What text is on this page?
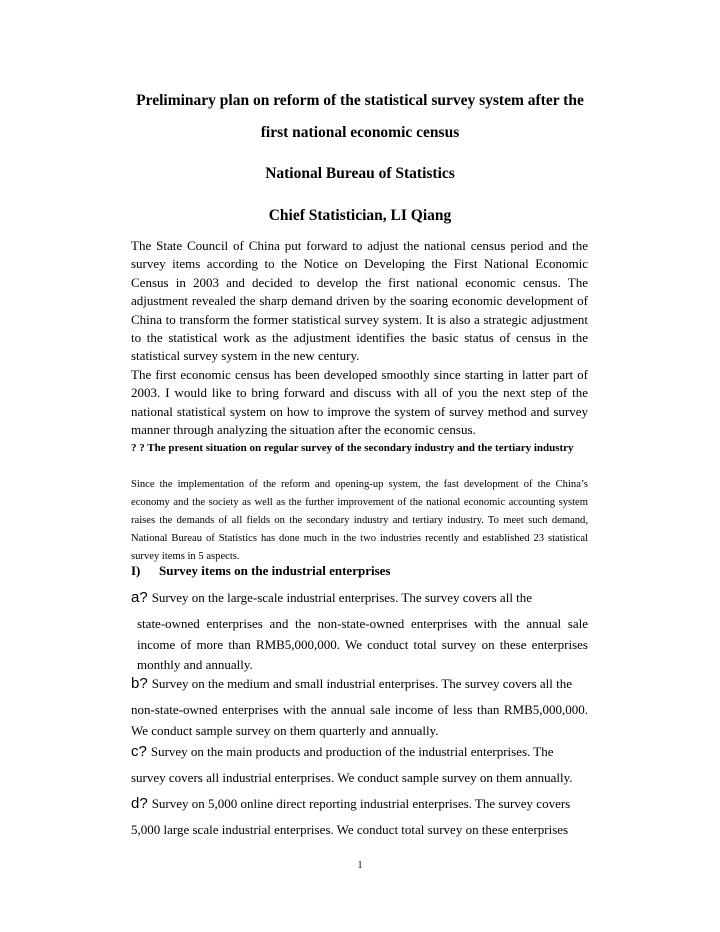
Preliminary plan on reform of the statistical survey system after the
first national economic census
National Bureau of Statistics
Chief Statistician, LI Qiang
The State Council of China put forward to adjust the national census period and the survey items according to the Notice on Developing the First National Economic Census in 2003 and decided to develop the first national economic census. The adjustment revealed the sharp demand driven by the soaring economic development of China to transform the former statistical survey system. It is also a strategic adjustment to the statistical work as the adjustment identifies the basic status of census in the statistical survey system in the new century.
The first economic census has been developed smoothly since starting in latter part of 2003. I would like to bring forward and discuss with all of you the next step of the national statistical system on how to improve the system of survey method and survey manner through analyzing the situation after the economic census.
? ? The present situation on regular survey of the secondary industry and the tertiary industry
Since the implementation of the reform and opening-up system, the fast development of the China’s economy and the society as well as the further improvement of the national economic accounting system raises the demands of all fields on the secondary industry and tertiary industry. To meet such demand, National Bureau of Statistics has done much in the two industries recently and established 23 statistical survey items in 5 aspects.
I) Survey items on the industrial enterprises
a? Survey on the large-scale industrial enterprises. The survey covers all the
state-owned enterprises and the non-state-owned enterprises with the annual sale income of more than RMB5,000,000. We conduct total survey on these enterprises monthly and annually.
b? Survey on the medium and small industrial enterprises. The survey covers all the
non-state-owned enterprises with the annual sale income of less than RMB5,000,000. We conduct sample survey on them quarterly and annually.
c? Survey on the main products and production of the industrial enterprises. The
survey covers all industrial enterprises. We conduct sample survey on them annually.
d? Survey on 5,000 online direct reporting industrial enterprises. The survey covers
5,000 large scale industrial enterprises. We conduct total survey on these enterprises
1
